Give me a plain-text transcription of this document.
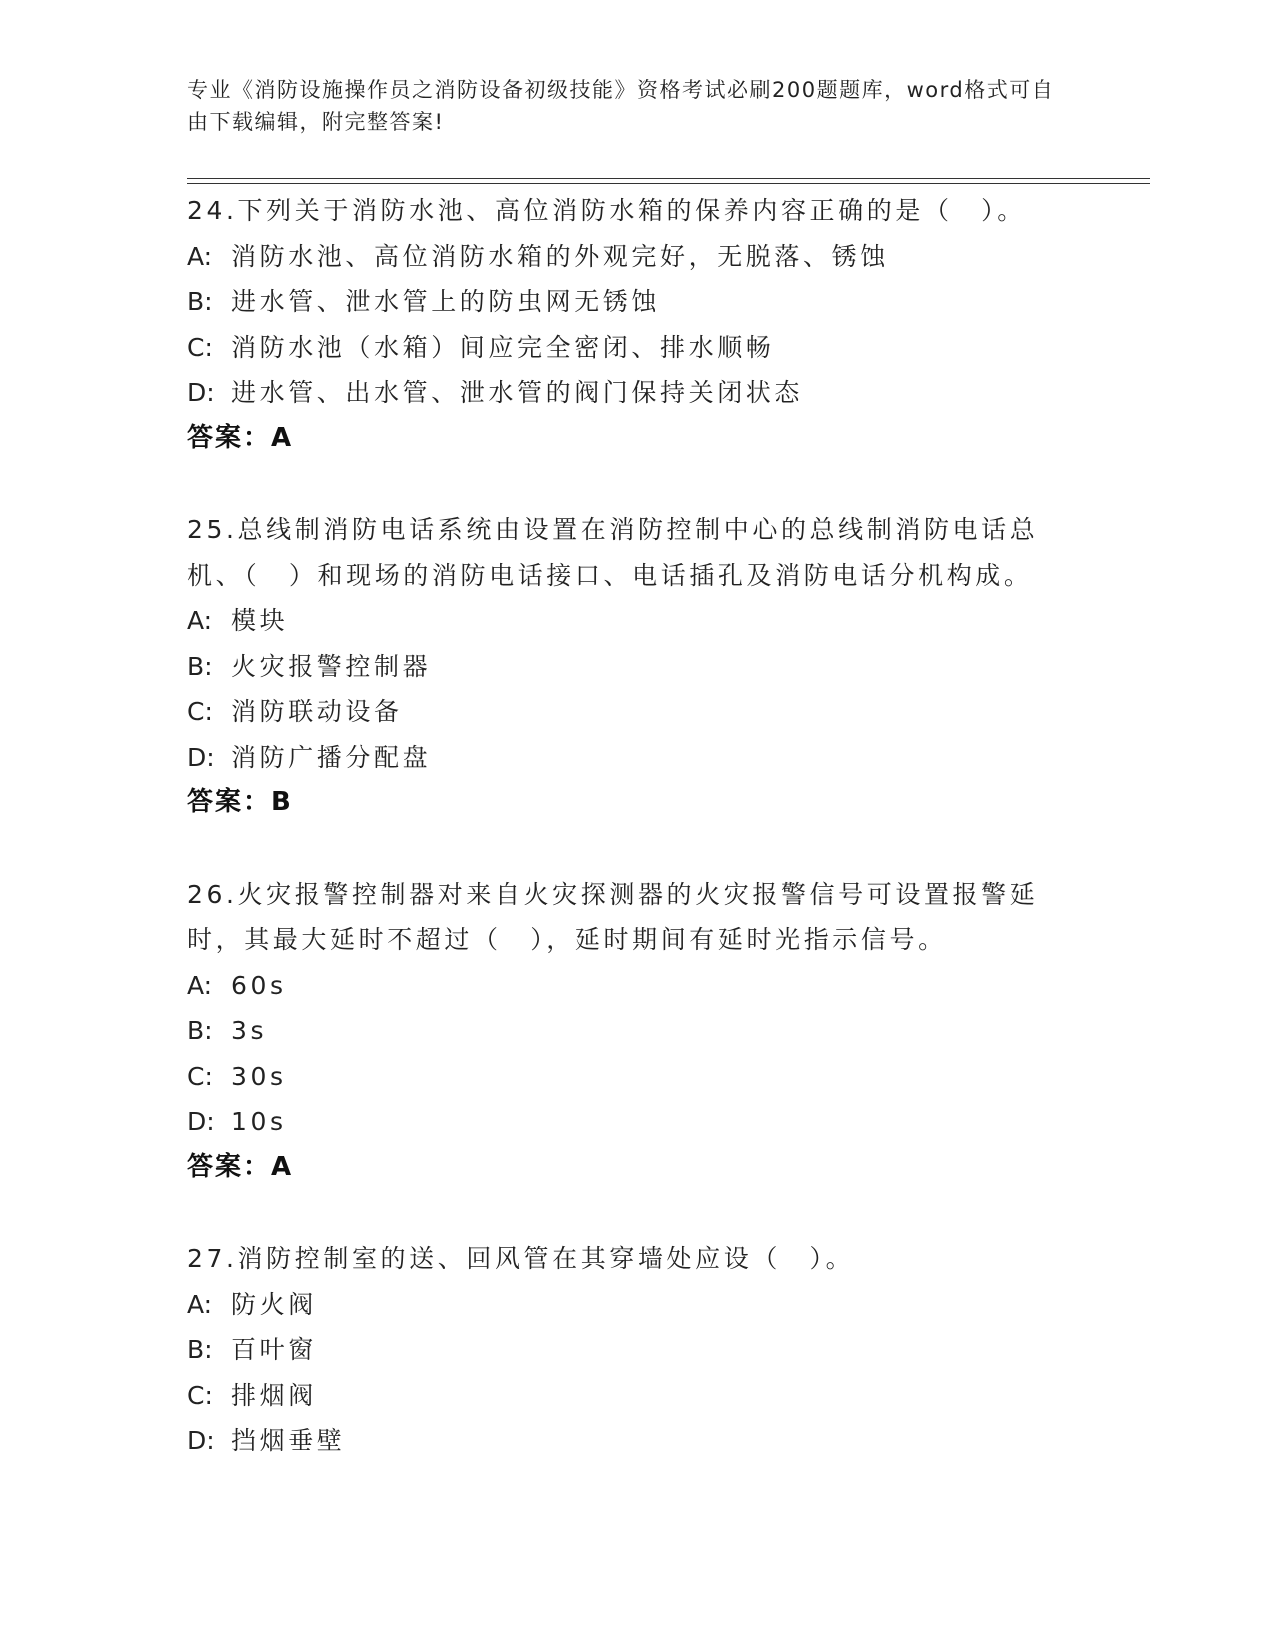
专业《消防设施操作员之消防设备初级技能》资格考试必刷200题题库，word格式可自由下载编辑，附完整答案!
24.下列关于消防水池、高位消防水箱的保养内容正确的是（　）。
A: 消防水池、高位消防水箱的外观完好，无脱落、锈蚀
B: 进水管、泄水管上的防虫网无锈蚀
C: 消防水池（水箱）间应完全密闭、排水顺畅
D: 进水管、出水管、泄水管的阀门保持关闭状态
答案：A
25.总线制消防电话系统由设置在消防控制中心的总线制消防电话总机、（　）和现场的消防电话接口、电话插孔及消防电话分机构成。
A: 模块
B: 火灾报警控制器
C: 消防联动设备
D: 消防广播分配盘
答案：B
26.火灾报警控制器对来自火灾探测器的火灾报警信号可设置报警延时，其最大延时不超过（　），延时期间有延时光指示信号。
A: 60s
B: 3s
C: 30s
D: 10s
答案：A
27.消防控制室的送、回风管在其穿墙处应设（　）。
A: 防火阀
B: 百叶窗
C: 排烟阀
D: 挡烟垂壁
